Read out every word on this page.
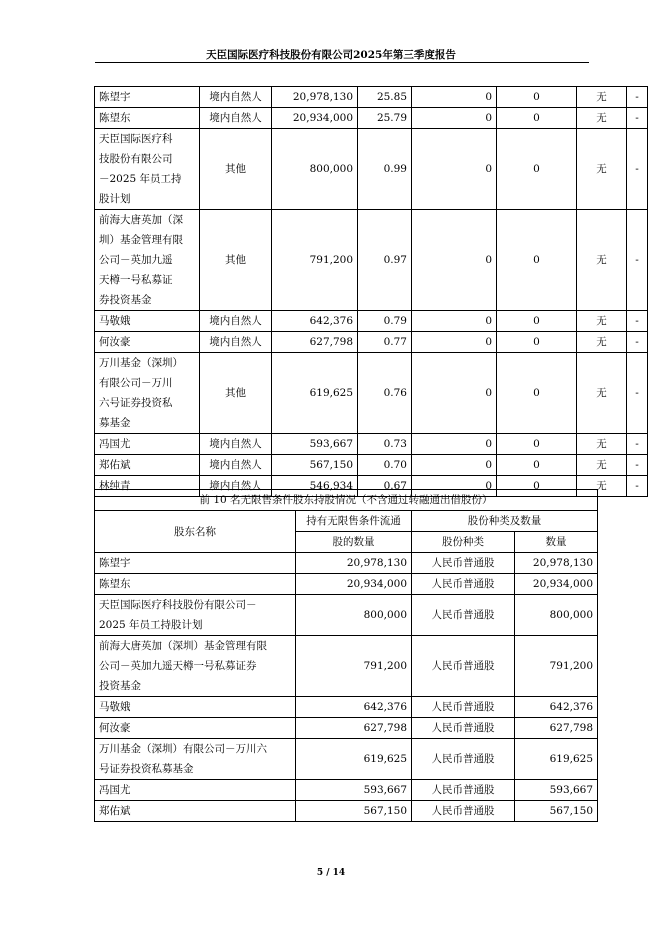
天臣国际医疗科技股份有限公司2025年第三季度报告
陈望宇	境内自然人	20,978,130	25.85	0	0	无	-

陈望东	境内自然人	20,934,000	25.79	0	0	无	-

天臣国际医疗科
技股份有限公司
－2025 年员工持
股计划	其他	800,000	0.99	0	0	无	-

前海大唐英加（深
圳）基金管理有限
公司－英加九遥
天樽一号私募证
券投资基金	其他	791,200	0.97	0	0	无	-

马敬娥	境内自然人	642,376	0.79	0	0	无	-

何汝豪	境内自然人	627,798	0.77	0	0	无	-

万川基金（深圳）
有限公司－万川
六号证券投资私
募基金	其他	619,625	0.76	0	0	无	-

冯国尤	境内自然人	593,667	0.73	0	0	无	-

郑佑斌	境内自然人	567,150	0.70	0	0	无	-

林纯青	境内自然人	546,934	0.67	0	0	无	-
前 10 名无限售条件股东持股情况（不含通过转融通出借股份）			
股东名称	持有无限售条件流通	股份种类及数量	
	股的数量	股份种类	数量

陈望宇	20,978,130	人民币普通股	20,978,130

陈望东	20,934,000	人民币普通股	20,934,000

天臣国际医疗科技股份有限公司－
2025 年员工持股计划	800,000	人民币普通股	800,000

前海大唐英加（深圳）基金管理有限
公司－英加九遥天樽一号私募证券
投资基金	791,200	人民币普通股	791,200

马敬娥	642,376	人民币普通股	642,376

何汝豪	627,798	人民币普通股	627,798

万川基金（深圳）有限公司－万川六
号证券投资私募基金	619,625	人民币普通股	619,625

冯国尤	593,667	人民币普通股	593,667

郑佑斌	567,150	人民币普通股	567,150
5 / 14
